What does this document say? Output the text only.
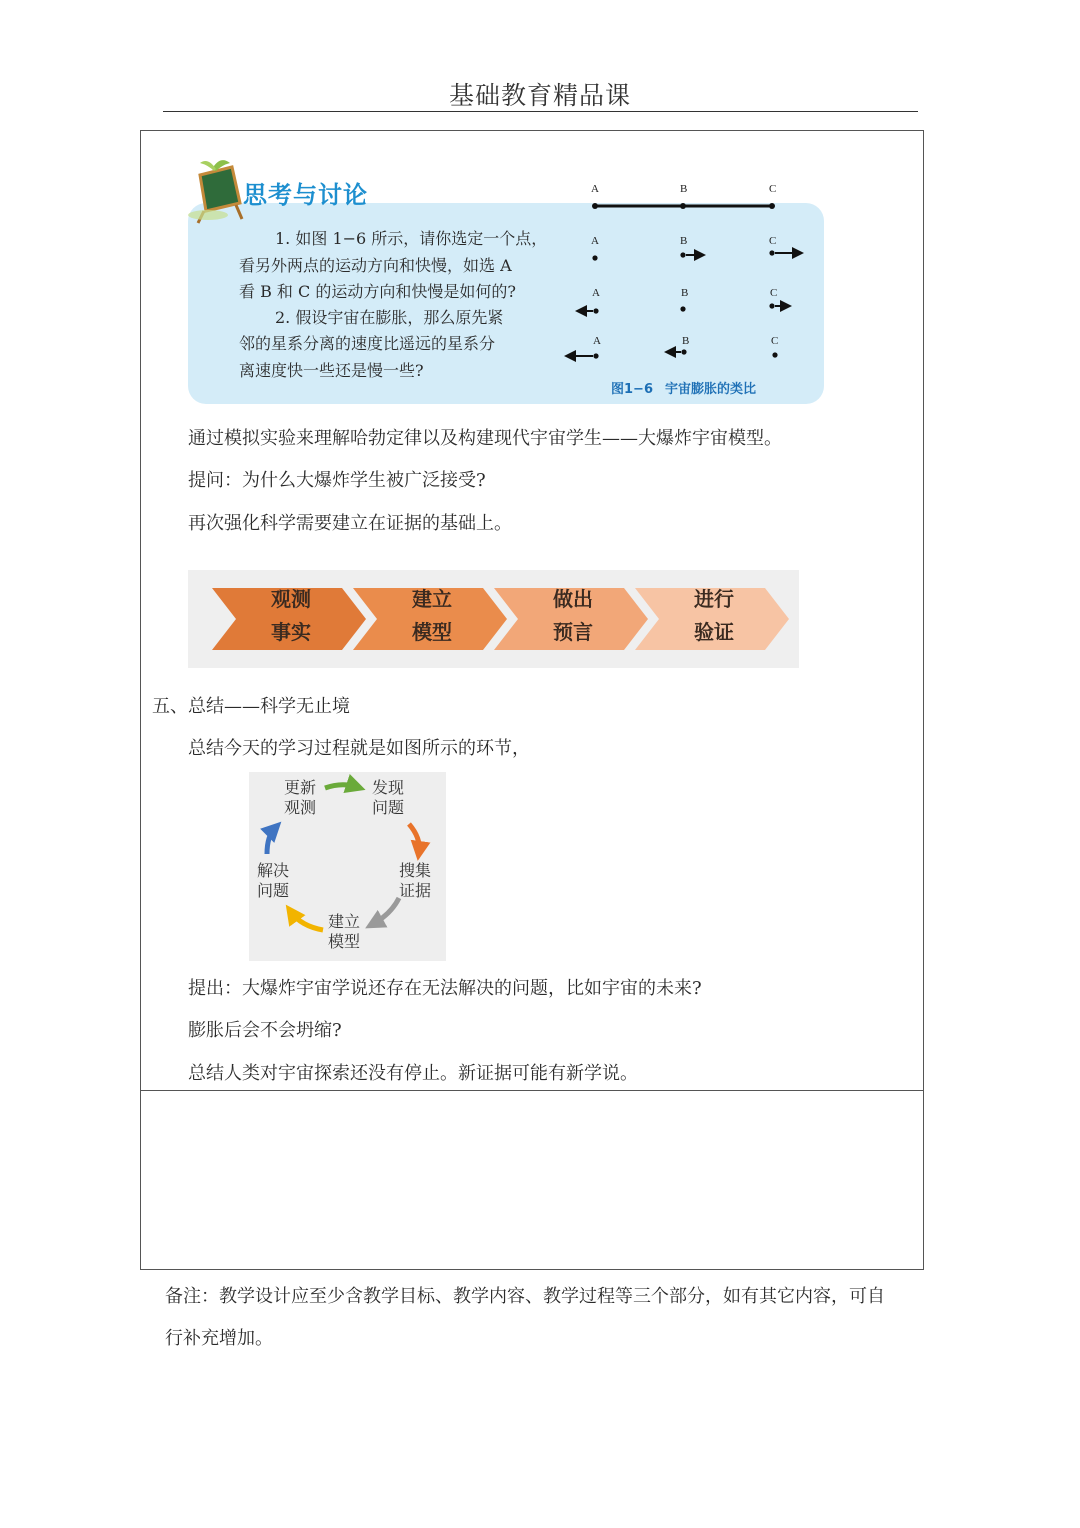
基础教育精品课
思考与讨论
1. 如图 1−6 所示，请你选定一个点，
看另外两点的运动方向和快慢，如选 A
看 B 和 C 的运动方向和快慢是如何的?
2. 假设宇宙在膨胀，那么原先紧
邻的星系分离的速度比遥远的星系分
离速度快一些还是慢一些?
A	B	C
A	B	C
A	B	C
A	B	C
图1−6 宇宙膨胀的类比
通过模拟实验来理解哈勃定律以及构建现代宇宙学生——大爆炸宇宙模型。
提问：为什么大爆炸学生被广泛接受?
再次强化科学需要建立在证据的基础上。
观测
事实
建立
模型
做出
预言
进行
验证
五、总结——科学无止境
总结今天的学习过程就是如图所示的环节，
更新
观测
发现
问题
搜集
证据
建立
模型
解决
问题
提出：大爆炸宇宙学说还存在无法解决的问题，比如宇宙的未来?
膨胀后会不会坍缩?
总结人类对宇宙探索还没有停止。新证据可能有新学说。
备注：教学设计应至少含教学目标、教学内容、教学过程等三个部分，如有其它内容，可自
行补充增加。
